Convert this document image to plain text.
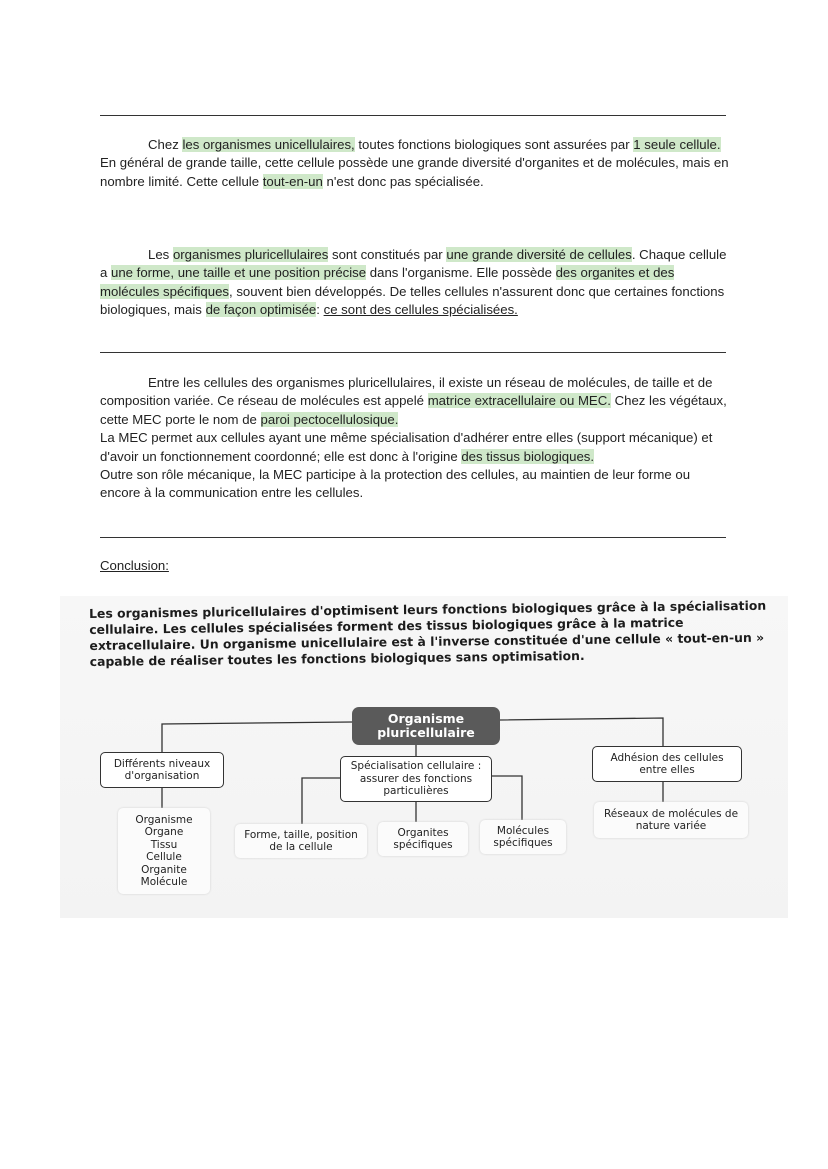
Chez les organismes unicellulaires, toutes fonctions biologiques sont assurées par 1 seule cellule. En général de grande taille, cette cellule possède une grande diversité d'organites et de molécules, mais en nombre limité. Cette cellule tout-en-un n'est donc pas spécialisée.

Les organismes pluricellulaires sont constitués par une grande diversité de cellules. Chaque cellule a une forme, une taille et une position précise dans l'organisme. Elle possède des organites et des molécules spécifiques, souvent bien développés. De telles cellules n'assurent donc que certaines fonctions biologiques, mais de façon optimisée: ce sont des cellules spécialisées.

Entre les cellules des organismes pluricellulaires, il existe un réseau de molécules, de taille et de composition variée. Ce réseau de molécules est appelé matrice extracellulaire ou MEC. Chez les végétaux, cette MEC porte le nom de paroi pectocellulosique.

La MEC permet aux cellules ayant une même spécialisation d'adhérer entre elles (support mécanique) et d'avoir un fonctionnement coordonné; elle est donc à l'origine des tissus biologiques.

Outre son rôle mécanique, la MEC participe à la protection des cellules, au maintien de leur forme ou encore à la communication entre les cellules.

Conclusion:
Les organismes pluricellulaires d'optimisent leurs fonctions biologiques grâce à la spécialisation cellulaire. Les cellules spécialisées forment des tissus biologiques grâce à la matrice extracellulaire. Un organisme unicellulaire est à l'inverse constituée d'une cellule « tout-en-un » capable de réaliser toutes les fonctions biologiques sans optimisation.
Organisme pluricellulaire
Différents niveaux d'organisation
Organisme
Organe
Tissu
Cellule
Organite
Molécule
Spécialisation cellulaire : assurer des fonctions particulières
Forme, taille, position de la cellule
Organites spécifiques
Molécules spécifiques
Adhésion des cellules entre elles
Réseaux de molécules de nature variée
